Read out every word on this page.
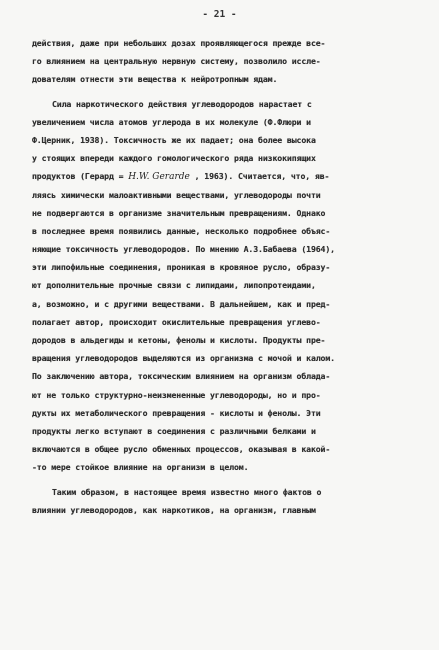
- 21 -
действия, даже при небольших дозах проявляющегося прежде все-
го влиянием на центральную нервную систему, позволило иссле-
дователям отнести эти вещества к нейротропным ядам.
Сила наркотического действия углеводородов нарастает с
увеличением числа атомов углерода в их молекуле (Ф.Флюри и
Ф.Церник, 1938). Токсичность же их падает; она более высока
у стоящих впереди каждого гомологического ряда низкокипящих
продуктов (Герард = H.W. Gerarde , 1963). Считается, что, яв-
ляясь химически малоактивными веществами, углеводороды почти
не подвергаются в организме значительным превращениям. Однако
в последнее время появились данные, несколько подробнее объяс-
няющие токсичность углеводородов. По мнению А.З.Бабаева (1964),
эти липофильные соединения, проникая в кровяное русло, образу-
ют дополнительные прочные связи с липидами, липопротеидами,
а, возможно, и с другими веществами. В дальнейшем, как и пред-
полагает автор, происходит окислительные превращения углево-
дородов в альдегиды и кетоны, фенолы и кислоты. Продукты пре-
вращения углеводородов выделяются из организма с мочой и калом.
По заключению автора, токсическим влиянием на организм облада-
ют не только структурно-неизмененные углеводороды, но и про-
дукты их метаболического превращения - кислоты и фенолы. Эти
продукты легко вступают в соединения с различными белками и
включаются в общее русло обменных процессов, оказывая в какой-
-то мере стойкое влияние на организм в целом.
Таким образом, в настоящее время известно много фактов о
влиянии углеводородов, как наркотиков, на организм, главным
